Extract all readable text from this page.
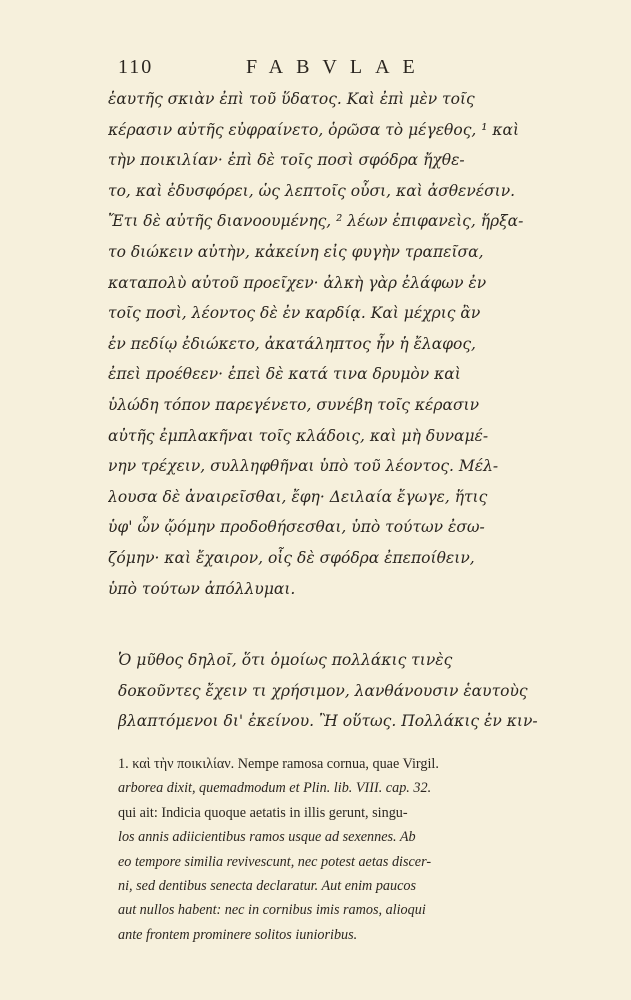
110	FABVLAE
ἑαυτῆς σκιὰν ἐπὶ τοῦ ὕδατος. Καὶ ἐπὶ μὲν τοῖς
κέρασιν αὐτῆς εὐφραίνετο, ὁρῶσα τὸ μέγεθος, ¹ καὶ
τὴν ποικιλίαν· ἐπὶ δὲ τοῖς ποσὶ σφόδρα ἤχθε-
το, καὶ ἐδυσφόρει, ὡς λεπτοῖς οὖσι, καὶ ἀσθενέσιν.
Ἔτι δὲ αὐτῆς διανοουμένης, ² λέων ἐπιφανεὶς, ἤρξα-
το διώκειν αὐτὴν, κἀκείνη εἰς φυγὴν τραπεῖσα,
καταπολὺ αὐτοῦ προεῖχεν· ἀλκὴ γὰρ ἐλάφων ἐν
τοῖς ποσὶ, λέοντος δὲ ἐν καρδίᾳ. Καὶ μέχρις ἂν
ἐν πεδίῳ ἐδιώκετο, ἀκατάληπτος ἦν ἡ ἔλαφος,
ἐπεὶ προέθεεν· ἐπεὶ δὲ κατά τινα δρυμὸν καὶ
ὑλώδη τόπον παρεγένετο, συνέβη τοῖς κέρασιν
αὐτῆς ἐμπλακῆναι τοῖς κλάδοις, καὶ μὴ δυναμέ-
νην τρέχειν, συλληφθῆναι ὑπὸ τοῦ λέοντος. Μέλ-
λουσα δὲ ἀναιρεῖσθαι, ἔφη· Δειλαία ἔγωγε, ἥτις
ὑφ' ὧν ᾤόμην προδοθήσεσθαι, ὑπὸ τούτων ἐσω-
ζόμην· καὶ ἔχαιρον, οἷς δὲ σφόδρα ἐπεποίθειν,
ὑπὸ τούτων ἀπόλλυμαι.
Ὁ μῦθος δηλοῖ, ὅτι ὁμοίως πολλάκις τινὲς
δοκοῦντες ἔχειν τι χρήσιμον, λανθάνουσιν ἑαυτοὺς
βλαπτόμενοι δι' ἐκείνου. Ἢ οὕτως. Πολλάκις ἐν κιν-
1. καὶ τὴν ποικιλίαν. Nempe ramosa cornua, quae Virgil.
arborea dixit, quemadmodum et Plin. lib. VIII. cap. 32.
qui ait: Indicia quoque aetatis in illis gerunt, singu-
los annis adiicientibus ramos usque ad sexennes. Ab
eo tempore similia revivescunt, nec potest aetas discer-
ni, sed dentibus senecta declaratur. Aut enim paucos
aut nullos habent: nec in cornibus imis ramos, alioqui
ante frontem prominere solitos iunioribus.
